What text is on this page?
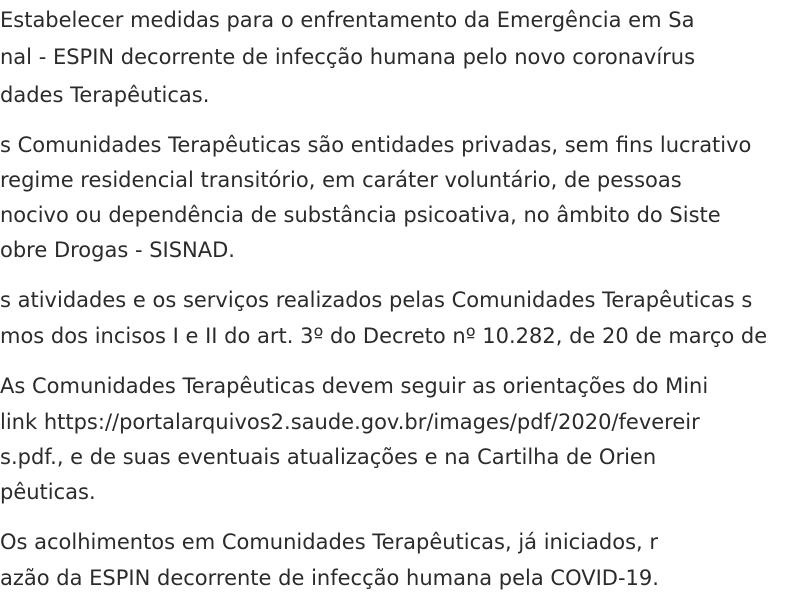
Estabelecer medidas para o enfrentamento da Emergência em Sa
nal - ESPIN decorrente de infecção humana pelo novo coronavírus
dades Terapêuticas.
s Comunidades Terapêuticas são entidades privadas, sem fins lucrativo
regime residencial transitório, em caráter voluntário, de pessoas
nocivo ou dependência de substância psicoativa, no âmbito do Siste
obre Drogas - SISNAD.
s atividades e os serviços realizados pelas Comunidades Terapêuticas s
mos dos incisos I e II do art. 3º do Decreto nº 10.282, de 20 de março de
As Comunidades Terapêuticas devem seguir as orientações do Mini
link https://portalarquivos2.saude.gov.br/images/pdf/2020/fevereir
s.pdf., e de suas eventuais atualizações e na Cartilha de Orien
pêuticas.
Os acolhimentos em Comunidades Terapêuticas, já iniciados, r
azão da ESPIN decorrente de infecção humana pela COVID-19.
